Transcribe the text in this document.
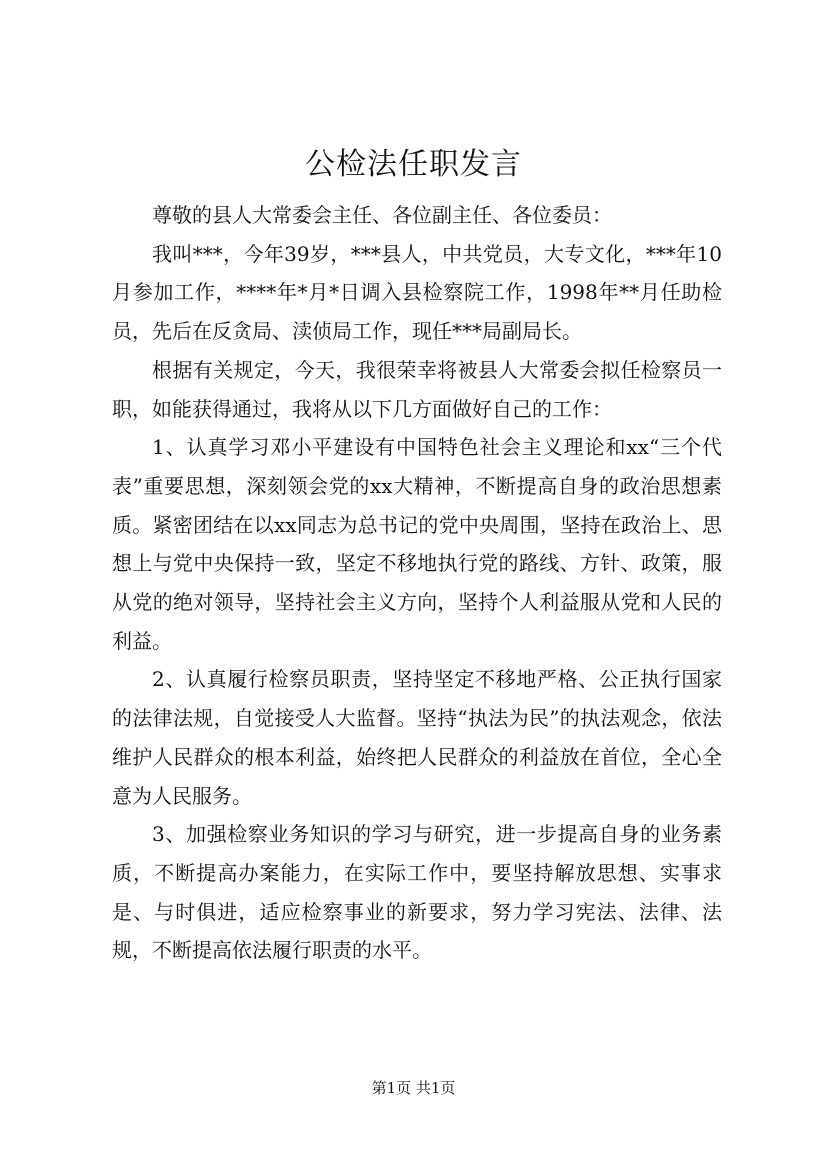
公检法任职发言

尊敬的县人大常委会主任、各位副主任、各位委员：

我叫***，今年39岁，***县人，中共党员，大专文化，***年10月参加工作，****年*月*日调入县检察院工作，1998年**月任助检员，先后在反贪局、渎侦局工作，现任***局副局长。

根据有关规定，今天，我很荣幸将被县人大常委会拟任检察员一职，如能获得通过，我将从以下几方面做好自己的工作：

1、认真学习邓小平建设有中国特色社会主义理论和xx“三个代表”重要思想，深刻领会党的xx大精神，不断提高自身的政治思想素质。紧密团结在以xx同志为总书记的党中央周围，坚持在政治上、思想上与党中央保持一致，坚定不移地执行党的路线、方针、政策，服从党的绝对领导，坚持社会主义方向，坚持个人利益服从党和人民的利益。

2、认真履行检察员职责，坚持坚定不移地严格、公正执行国家的法律法规，自觉接受人大监督。坚持“执法为民”的执法观念，依法维护人民群众的根本利益，始终把人民群众的利益放在首位，全心全意为人民服务。

3、加强检察业务知识的学习与研究，进一步提高自身的业务素质，不断提高办案能力，在实际工作中，要坚持解放思想、实事求是、与时俱进，适应检察事业的新要求，努力学习宪法、法律、法规，不断提高依法履行职责的水平。

第1页 共1页
